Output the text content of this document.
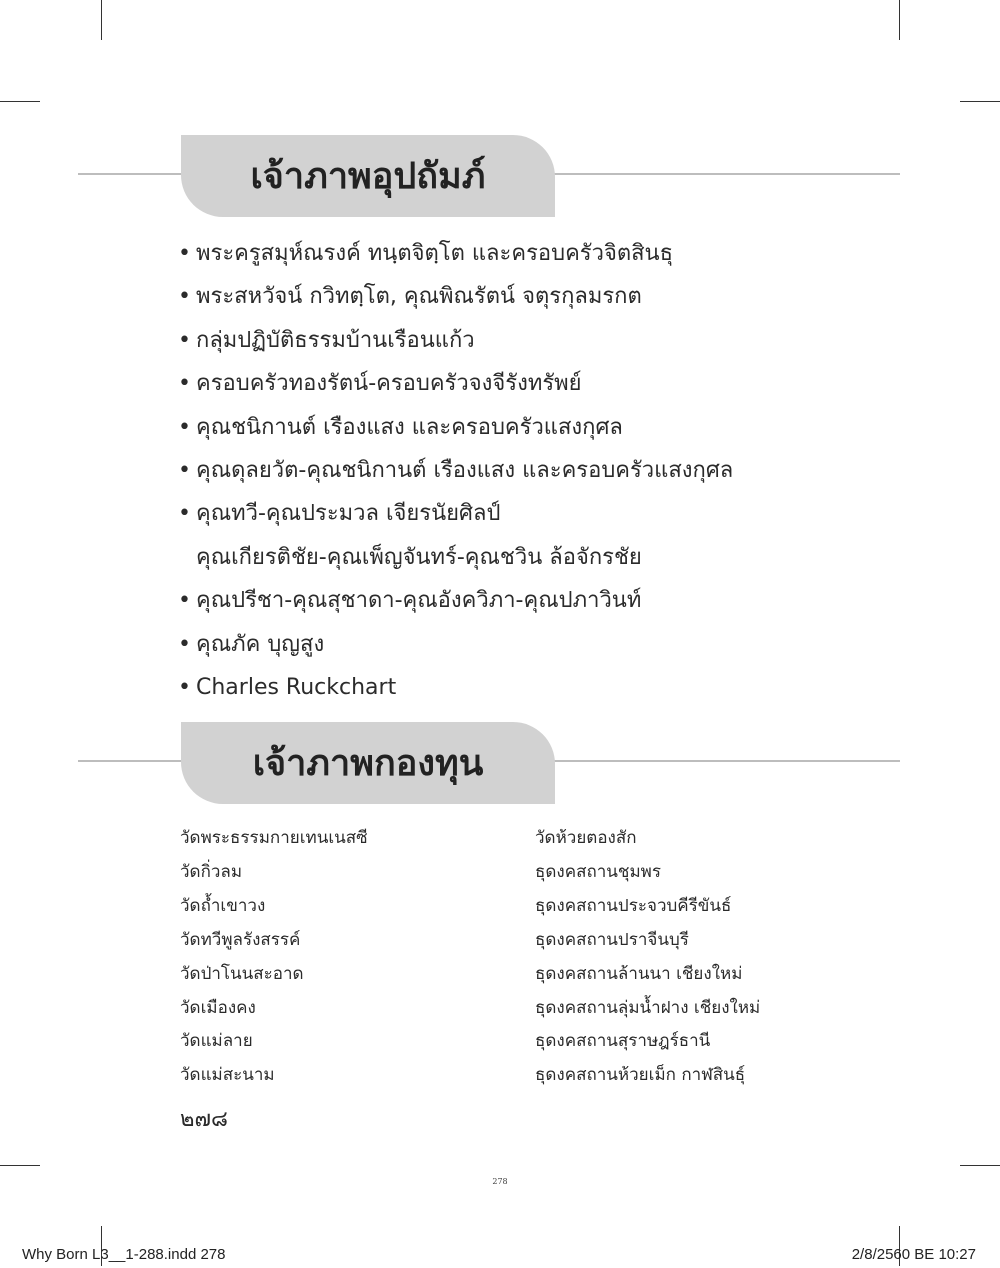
เจ้าภาพอุปถัมภ์
• พระครูสมุห์ณรงค์ ทนฺตจิตฺโต และครอบครัวจิตสินธุ
• พระสหวัจน์ กวิทตฺโต, คุณพิณรัตน์ จตุรกุลมรกต
• กลุ่มปฏิบัติธรรมบ้านเรือนแก้ว
• ครอบครัวทองรัตน์-ครอบครัวจงจีรังทรัพย์
• คุณชนิกานต์ เรืองแสง และครอบครัวแสงกุศล
• คุณดุลยวัต-คุณชนิกานต์ เรืองแสง และครอบครัวแสงกุศล
• คุณทวี-คุณประมวล เจียรนัยศิลป์
คุณเกียรติชัย-คุณเพ็ญจันทร์-คุณชวิน ล้อจักรชัย
• คุณปรีชา-คุณสุชาดา-คุณอังควิภา-คุณปภาวินท์
• คุณภัค บุญสูง
• Charles Ruckchart
เจ้าภาพกองทุน
วัดพระธรรมกายเทนเนสซี
วัดกิ่วลม
วัดถ้ำเขาวง
วัดทวีพูลรังสรรค์
วัดป่าโนนสะอาด
วัดเมืองคง
วัดแม่ลาย
วัดแม่สะนาม
วัดห้วยตองสัก
ธุดงคสถานชุมพร
ธุดงคสถานประจวบคีรีขันธ์
ธุดงคสถานปราจีนบุรี
ธุดงคสถานล้านนา เชียงใหม่
ธุดงคสถานลุ่มน้ำฝาง เชียงใหม่
ธุดงคสถานสุราษฎร์ธานี
ธุดงคสถานห้วยเม็ก กาฬสินธุ์
๒๗๘
278
Why Born L3__1-288.indd 278	2/8/2560 BE 10:27
